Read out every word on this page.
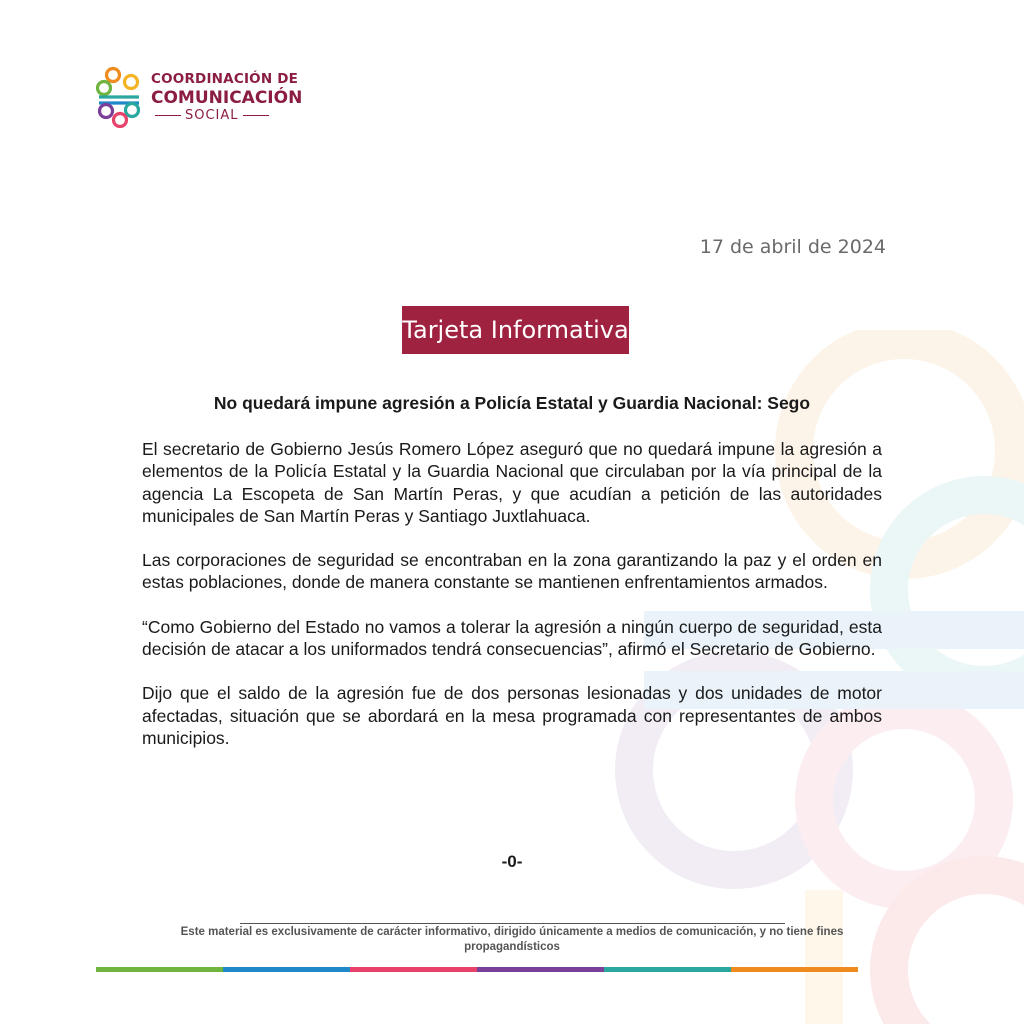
COORDINACIÓN DE
COMUNICACIÓN
SOCIAL
17 de abril de 2024
Tarjeta Informativa
No quedará impune agresión a Policía Estatal y Guardia Nacional: Sego

El secretario de Gobierno Jesús Romero López aseguró que no quedará impune la agresión a elementos de la Policía Estatal y la Guardia Nacional que circulaban por la vía principal de la agencia La Escopeta de San Martín Peras, y que acudían a petición de las autoridades municipales de San Martín Peras y Santiago Juxtlahuaca.

Las corporaciones de seguridad se encontraban en la zona garantizando la paz y el orden en estas poblaciones, donde de manera constante se mantienen enfrentamientos armados.

“Como Gobierno del Estado no vamos a tolerar la agresión a ningún cuerpo de seguridad, esta decisión de atacar a los uniformados tendrá consecuencias”, afirmó el Secretario de Gobierno.

Dijo que el saldo de la agresión fue de dos personas lesionadas y dos unidades de motor afectadas, situación que se abordará en la mesa programada con representantes de ambos municipios.

-0-
Este material es exclusivamente de carácter informativo, dirigido únicamente a medios de comunicación, y no tiene fines propagandísticos
